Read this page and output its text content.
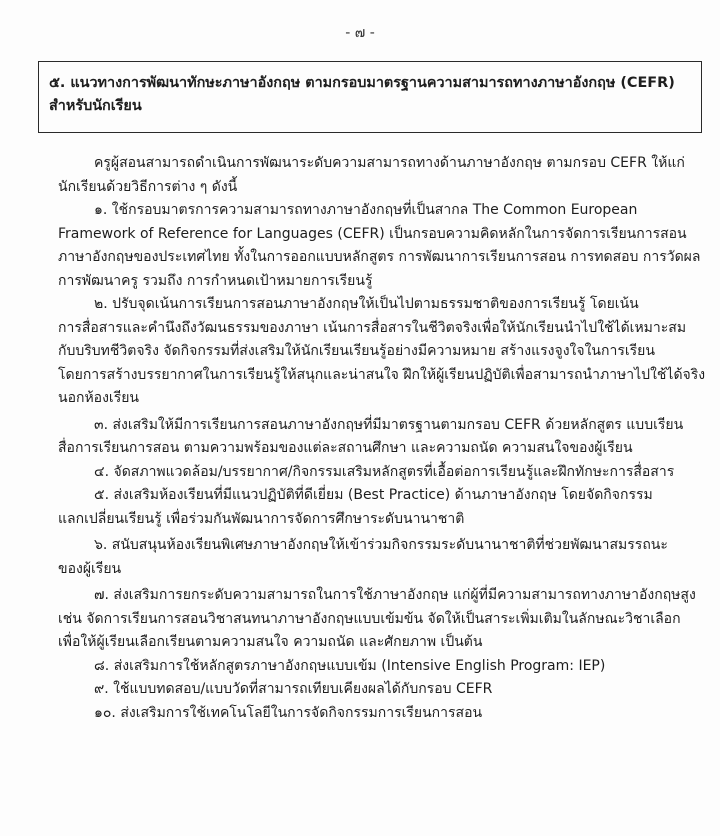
- ๗ -
๕. แนวทางการพัฒนาทักษะภาษาอังกฤษ ตามกรอบมาตรฐานความสามารถทางภาษาอังกฤษ (CEFR)
สำหรับนักเรียน
ครูผู้สอนสามารถดำเนินการพัฒนาระดับความสามารถทางด้านภาษาอังกฤษ ตามกรอบ CEFR ให้แก่
นักเรียนด้วยวิธีการต่าง ๆ ดังนี้
๑. ใช้กรอบมาตรการความสามารถทางภาษาอังกฤษที่เป็นสากล The Common European
Framework of Reference for Languages (CEFR) เป็นกรอบความคิดหลักในการจัดการเรียนการสอน
ภาษาอังกฤษของประเทศไทย ทั้งในการออกแบบหลักสูตร การพัฒนาการเรียนการสอน การทดสอบ การวัดผล
การพัฒนาครู รวมถึง การกำหนดเป้าหมายการเรียนรู้
๒. ปรับจุดเน้นการเรียนการสอนภาษาอังกฤษให้เป็นไปตามธรรมชาติของการเรียนรู้ โดยเน้น
การสื่อสารและคำนึงถึงวัฒนธรรมของภาษา เน้นการสื่อสารในชีวิตจริงเพื่อให้นักเรียนนำไปใช้ได้เหมาะสม
กับบริบทชีวิตจริง จัดกิจกรรมที่ส่งเสริมให้นักเรียนเรียนรู้อย่างมีความหมาย สร้างแรงจูงใจในการเรียน
โดยการสร้างบรรยากาศในการเรียนรู้ให้สนุกและน่าสนใจ ฝึกให้ผู้เรียนปฏิบัติเพื่อสามารถนำภาษาไปใช้ได้จริง
นอกห้องเรียน
๓. ส่งเสริมให้มีการเรียนการสอนภาษาอังกฤษที่มีมาตรฐานตามกรอบ CEFR ด้วยหลักสูตร แบบเรียน
สื่อการเรียนการสอน ตามความพร้อมของแต่ละสถานศึกษา และความถนัด ความสนใจของผู้เรียน
๔. จัดสภาพแวดล้อม/บรรยากาศ/กิจกรรมเสริมหลักสูตรที่เอื้อต่อการเรียนรู้และฝึกทักษะการสื่อสาร
๕. ส่งเสริมห้องเรียนที่มีแนวปฏิบัติที่ดีเยี่ยม (Best Practice) ด้านภาษาอังกฤษ โดยจัดกิจกรรม
แลกเปลี่ยนเรียนรู้ เพื่อร่วมกันพัฒนาการจัดการศึกษาระดับนานาชาติ
๖. สนับสนุนห้องเรียนพิเศษภาษาอังกฤษให้เข้าร่วมกิจกรรมระดับนานาชาติที่ช่วยพัฒนาสมรรถนะ
ของผู้เรียน
๗. ส่งเสริมการยกระดับความสามารถในการใช้ภาษาอังกฤษ แก่ผู้ที่มีความสามารถทางภาษาอังกฤษสูง
เช่น จัดการเรียนการสอนวิชาสนทนาภาษาอังกฤษแบบเข้มข้น จัดให้เป็นสาระเพิ่มเติมในลักษณะวิชาเลือก
เพื่อให้ผู้เรียนเลือกเรียนตามความสนใจ ความถนัด และศักยภาพ เป็นต้น
๘. ส่งเสริมการใช้หลักสูตรภาษาอังกฤษแบบเข้ม (Intensive English Program: IEP)
๙. ใช้แบบทดสอบ/แบบวัดที่สามารถเทียบเคียงผลได้กับกรอบ CEFR
๑๐. ส่งเสริมการใช้เทคโนโลยีในการจัดกิจกรรมการเรียนการสอน
